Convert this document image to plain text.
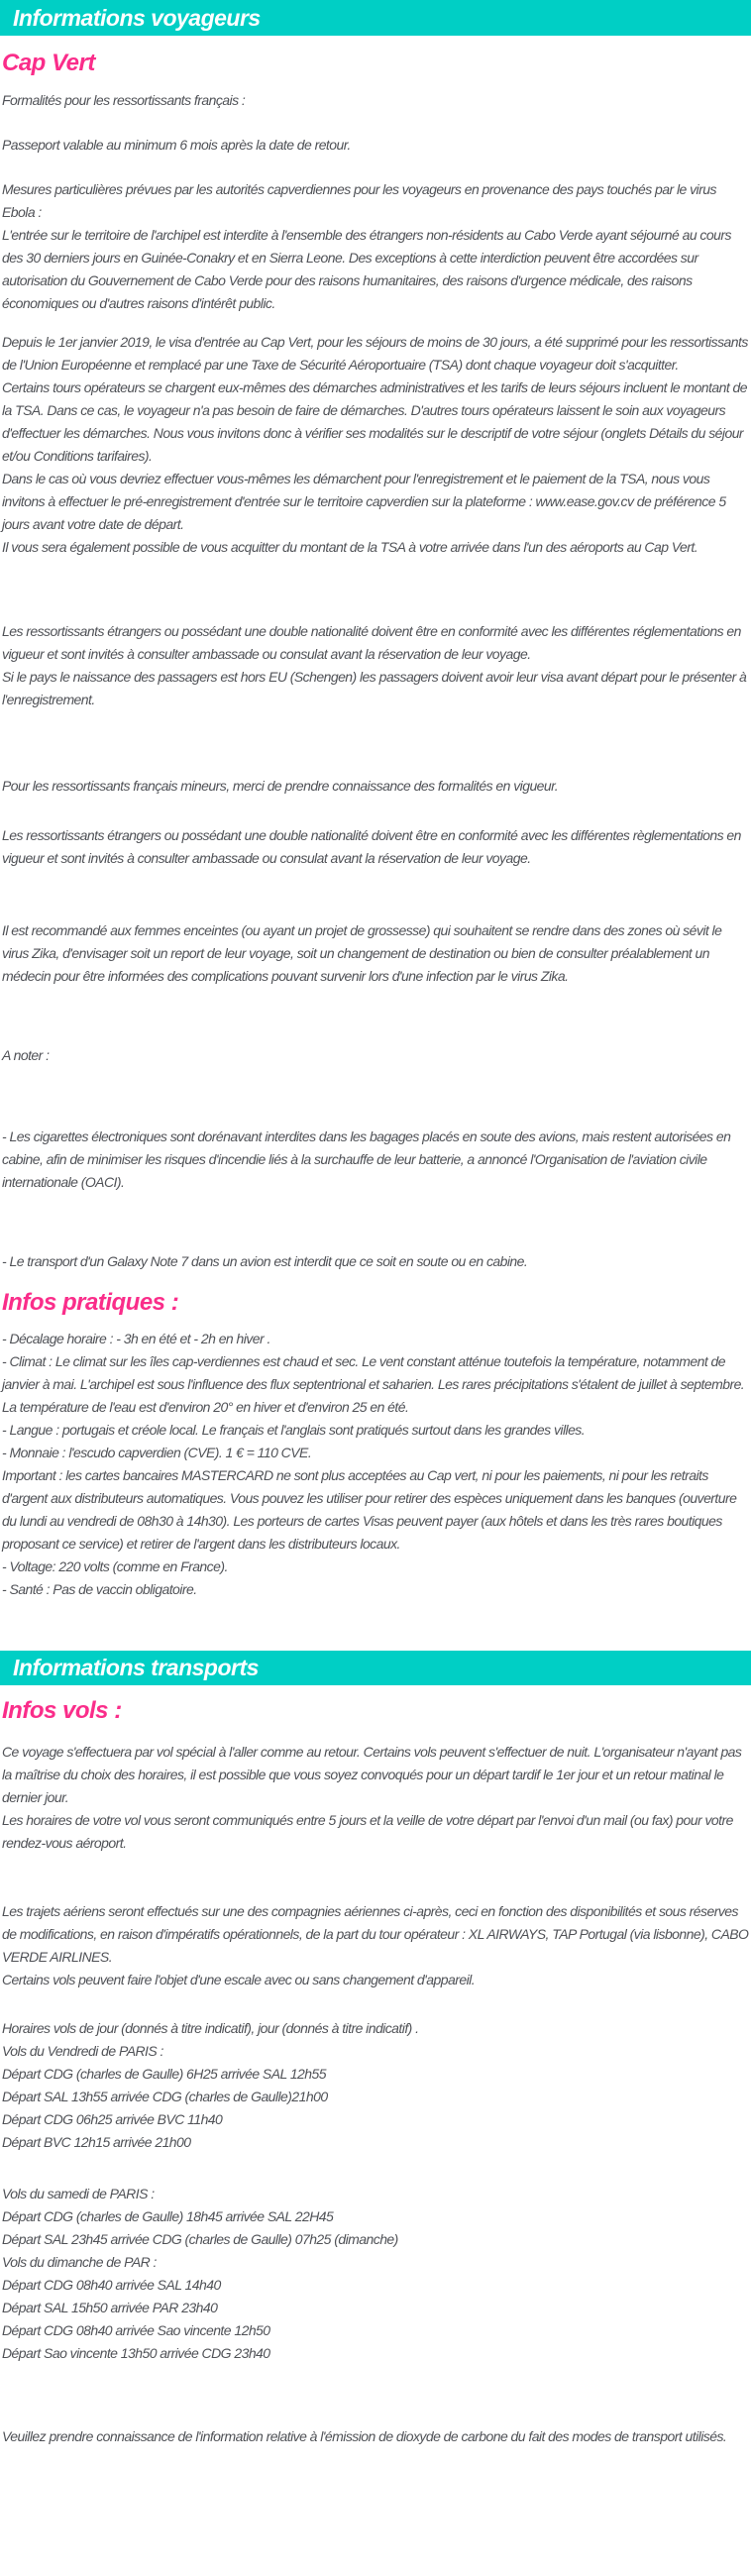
Informations voyageurs
Cap Vert
Formalités pour les ressortissants français :
Passeport valable au minimum 6 mois après la date de retour.
Mesures particulières prévues par les autorités capverdiennes pour les voyageurs en provenance des pays touchés par le virus Ebola :
L'entrée sur le territoire de l'archipel est interdite à l'ensemble des étrangers non-résidents au Cabo Verde ayant séjourné au cours des 30 derniers jours en Guinée-Conakry et en Sierra Leone. Des exceptions à cette interdiction peuvent être accordées sur autorisation du Gouvernement de Cabo Verde pour des raisons humanitaires, des raisons d'urgence médicale, des raisons économiques ou d'autres raisons d'intérêt public.
Depuis le 1er janvier 2019, le visa d'entrée au Cap Vert, pour les séjours de moins de 30 jours, a été supprimé pour les ressortissants de l'Union Européenne et remplacé par une Taxe de Sécurité Aéroportuaire (TSA) dont chaque voyageur doit s'acquitter.
Certains tours opérateurs se chargent eux-mêmes des démarches administratives et les tarifs de leurs séjours incluent le montant de la TSA. Dans ce cas, le voyageur n'a pas besoin de faire de démarches. D'autres tours opérateurs laissent le soin aux voyageurs d'effectuer les démarches. Nous vous invitons donc à vérifier ses modalités sur le descriptif de votre séjour (onglets Détails du séjour et/ou Conditions tarifaires).
Dans le cas où vous devriez effectuer vous-mêmes les démarchent pour l'enregistrement et le paiement de la TSA, nous vous invitons à effectuer le pré-enregistrement d'entrée sur le territoire capverdien sur la plateforme : www.ease.gov.cv de préférence 5 jours avant votre date de départ.
Il vous sera également possible de vous acquitter du montant de la TSA à votre arrivée dans l'un des aéroports au Cap Vert.
Les ressortissants étrangers ou possédant une double nationalité doivent être en conformité avec les différentes réglementations en vigueur et sont invités à consulter ambassade ou consulat avant la réservation de leur voyage.
Si le pays le naissance des passagers est hors EU (Schengen) les passagers doivent avoir leur visa avant départ pour le présenter à l'enregistrement.
Pour les ressortissants français mineurs, merci de prendre connaissance des formalités en vigueur.
Les ressortissants étrangers ou possédant une double nationalité doivent être en conformité avec les différentes règlementations en vigueur et sont invités à consulter ambassade ou consulat avant la réservation de leur voyage.
Il est recommandé aux femmes enceintes (ou ayant un projet de grossesse) qui souhaitent se rendre dans des zones où sévit le virus Zika, d'envisager soit un report de leur voyage, soit un changement de destination ou bien de consulter préalablement un médecin pour être informées des complications pouvant survenir lors d'une infection par le virus Zika.
A noter :
- Les cigarettes électroniques sont dorénavant interdites dans les bagages placés en soute des avions, mais restent autorisées en cabine, afin de minimiser les risques d'incendie liés à la surchauffe de leur batterie, a annoncé l'Organisation de l'aviation civile internationale (OACI).
- Le transport d'un Galaxy Note 7 dans un avion est interdit que ce soit en soute ou en cabine.
Infos pratiques :
- Décalage horaire : - 3h en été et - 2h en hiver .
- Climat : Le climat sur les îles cap-verdiennes est chaud et sec. Le vent constant atténue toutefois la température, notamment de janvier à mai. L'archipel est sous l'influence des flux septentrional et saharien. Les rares précipitations s'étalent de juillet à septembre. La température de l'eau est d'environ 20° en hiver et d'environ 25 en été.
- Langue : portugais et créole local. Le français et l'anglais sont pratiqués surtout dans les grandes villes.
- Monnaie : l'escudo capverdien (CVE). 1 € = 110 CVE.
Important : les cartes bancaires MASTERCARD ne sont plus acceptées au Cap vert, ni pour les paiements, ni pour les retraits d'argent aux distributeurs automatiques. Vous pouvez les utiliser pour retirer des espèces uniquement dans les banques (ouverture du lundi au vendredi de 08h30 à 14h30). Les porteurs de cartes Visas peuvent payer (aux hôtels et dans les très rares boutiques proposant ce service) et retirer de l'argent dans les distributeurs locaux.
- Voltage: 220 volts (comme en France).
- Santé : Pas de vaccin obligatoire.
Informations transports
Infos vols :
Ce voyage s'effectuera par vol spécial à l'aller comme au retour. Certains vols peuvent s'effectuer de nuit. L'organisateur n'ayant pas la maîtrise du choix des horaires, il est possible que vous soyez convoqués pour un départ tardif le 1er jour et un retour matinal le dernier jour.
Les horaires de votre vol vous seront communiqués entre 5 jours et la veille de votre départ par l'envoi d'un mail (ou fax) pour votre rendez-vous aéroport.
Les trajets aériens seront effectués sur une des compagnies aériennes ci-après, ceci en fonction des disponibilités et sous réserves de modifications, en raison d'impératifs opérationnels, de la part du tour opérateur : XL AIRWAYS, TAP Portugal (via lisbonne), CABO VERDE AIRLINES.
Certains vols peuvent faire l'objet d'une escale avec ou sans changement d'appareil.
Horaires vols de jour (donnés à titre indicatif), jour (donnés à titre indicatif) .
Vols du Vendredi de PARIS :
Départ CDG (charles de Gaulle) 6H25 arrivée SAL 12h55
Départ SAL 13h55 arrivée CDG (charles de Gaulle)21h00
Départ CDG 06h25 arrivée BVC 11h40
Départ BVC 12h15 arrivée 21h00
Vols du samedi de PARIS :
Départ CDG (charles de Gaulle) 18h45 arrivée SAL 22H45
Départ SAL 23h45 arrivée CDG (charles de Gaulle) 07h25 (dimanche)
Vols du dimanche de PAR :
Départ CDG 08h40 arrivée SAL 14h40
Départ SAL 15h50 arrivée PAR 23h40
Départ CDG 08h40 arrivée Sao vincente 12h50
Départ Sao vincente 13h50 arrivée CDG 23h40
Veuillez prendre connaissance de l'information relative à l'émission de dioxyde de carbone du fait des modes de transport utilisés.
